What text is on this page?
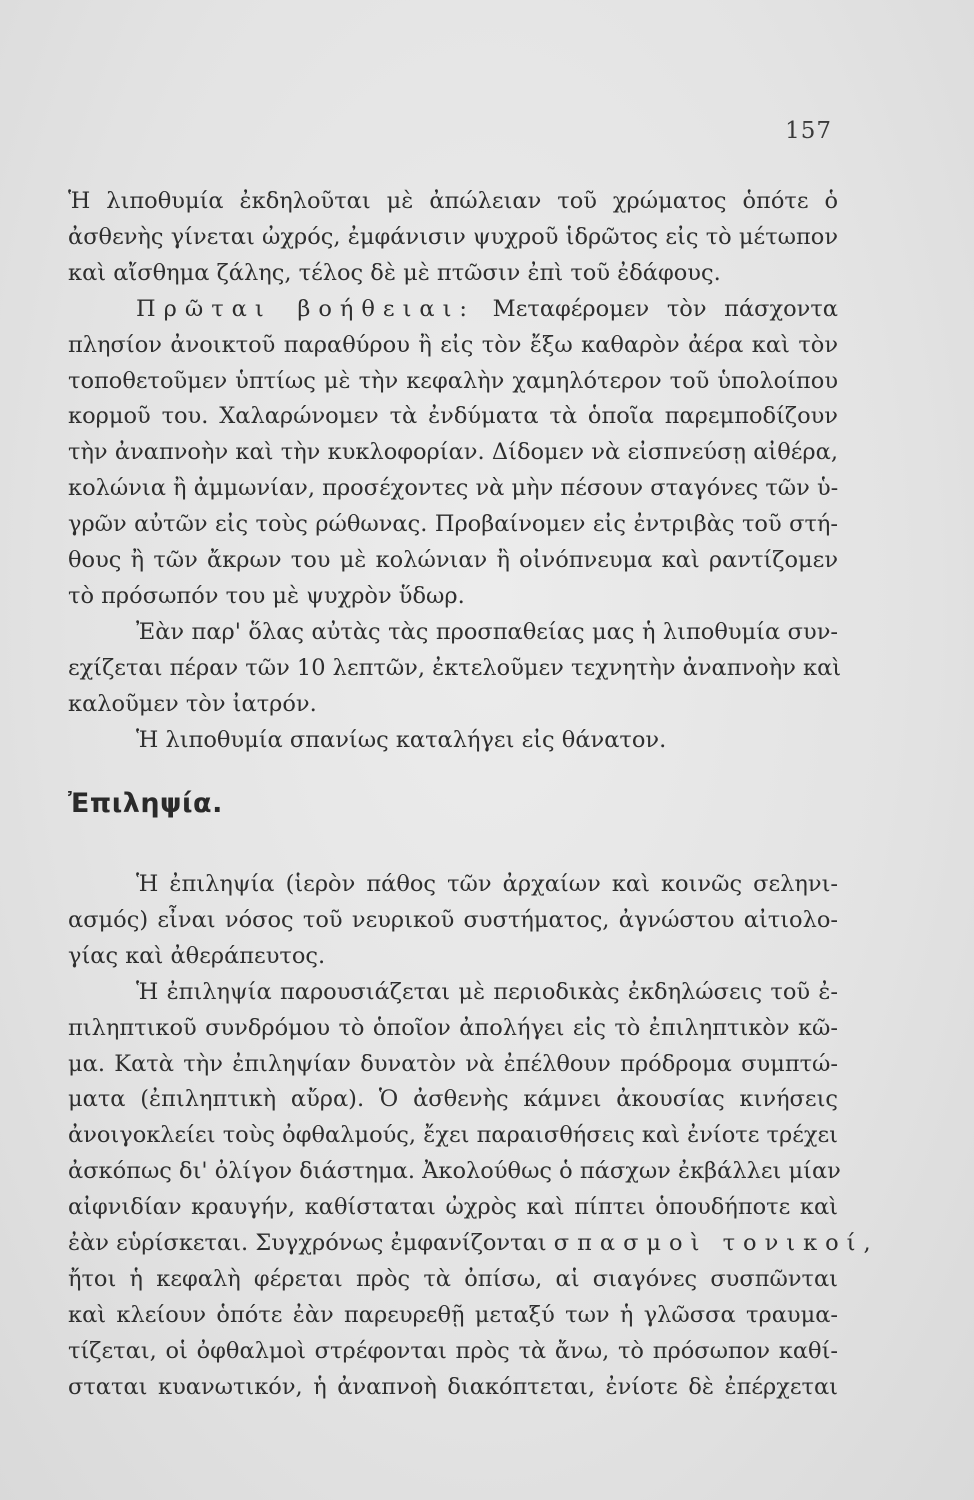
157
Ἡ λιποθυμία ἐκδηλοῦται μὲ ἀπώλειαν τοῦ χρώματος ὁπότε ὁ
ἀσθενὴς γίνεται ὠχρός, ἐμφάνισιν ψυχροῦ ἱδρῶτος εἰς τὸ μέτωπον
καὶ αἴσθημα ζάλης, τέλος δὲ μὲ πτῶσιν ἐπὶ τοῦ ἐδάφους.
Πρῶται βοήθειαι: Μεταφέρομεν τὸν πάσχοντα
πλησίον ἀνοικτοῦ παραθύρου ἢ εἰς τὸν ἔξω καθαρὸν ἀέρα καὶ τὸν
τοποθετοῦμεν ὑπτίως μὲ τὴν κεφαλὴν χαμηλότερον τοῦ ὑπολοίπου
κορμοῦ του. Χαλαρώνομεν τὰ ἐνδύματα τὰ ὁποῖα παρεμποδίζουν
τὴν ἀναπνοὴν καὶ τὴν κυκλοφορίαν. Δίδομεν νὰ εἰσπνεύσῃ αἰθέρα,
κολώνια ἢ ἀμμωνίαν, προσέχοντες νὰ μὴν πέσουν σταγόνες τῶν ὑ-
γρῶν αὐτῶν εἰς τοὺς ρώθωνας. Προβαίνομεν εἰς ἐντριβὰς τοῦ στή-
θους ἢ τῶν ἄκρων του μὲ κολώνιαν ἢ οἰνόπνευμα καὶ ραντίζομεν
τὸ πρόσωπόν του μὲ ψυχρὸν ὕδωρ.
Ἐὰν παρ' ὅλας αὐτὰς τὰς προσπαθείας μας ἡ λιποθυμία συν-
εχίζεται πέραν τῶν 10 λεπτῶν, ἐκτελοῦμεν τεχνητὴν ἀναπνοὴν καὶ
καλοῦμεν τὸν ἰατρόν.
Ἡ λιποθυμία σπανίως καταλήγει εἰς θάνατον.
Ἐπιληψία.
Ἡ ἐπιληψία (ἱερὸν πάθος τῶν ἀρχαίων καὶ κοινῶς σεληνι-
ασμός) εἶναι νόσος τοῦ νευρικοῦ συστήματος, ἀγνώστου αἰτιολο-
γίας καὶ ἀθεράπευτος.
Ἡ ἐπιληψία παρουσιάζεται μὲ περιοδικὰς ἐκδηλώσεις τοῦ ἐ-
πιληπτικοῦ συνδρόμου τὸ ὁποῖον ἀπολήγει εἰς τὸ ἐπιληπτικὸν κῶ-
μα. Κατὰ τὴν ἐπιληψίαν δυνατὸν νὰ ἐπέλθουν πρόδρομα συμπτώ-
ματα (ἐπιληπτικὴ αὔρα). Ὁ ἀσθενὴς κάμνει ἀκουσίας κινήσεις
ἀνοιγοκλείει τοὺς ὀφθαλμούς, ἔχει παραισθήσεις καὶ ἐνίοτε τρέχει
ἀσκόπως δι' ὀλίγον διάστημα. Ἀκολούθως ὁ πάσχων ἐκβάλλει μίαν
αἰφνιδίαν κραυγήν, καθίσταται ὠχρὸς καὶ πίπτει ὁπουδήποτε καὶ
ἐὰν εὑρίσκεται. Συγχρόνως ἐμφανίζονται σπασμοὶ τονικοί,
ἤτοι ἡ κεφαλὴ φέρεται πρὸς τὰ ὀπίσω, αἱ σιαγόνες συσπῶνται
καὶ κλείουν ὁπότε ἐὰν παρευρεθῇ μεταξύ των ἡ γλῶσσα τραυμα-
τίζεται, οἱ ὀφθαλμοὶ στρέφονται πρὸς τὰ ἄνω, τὸ πρόσωπον καθί-
σταται κυανωτικόν, ἡ ἀναπνοὴ διακόπτεται, ἐνίοτε δὲ ἐπέρχεται
